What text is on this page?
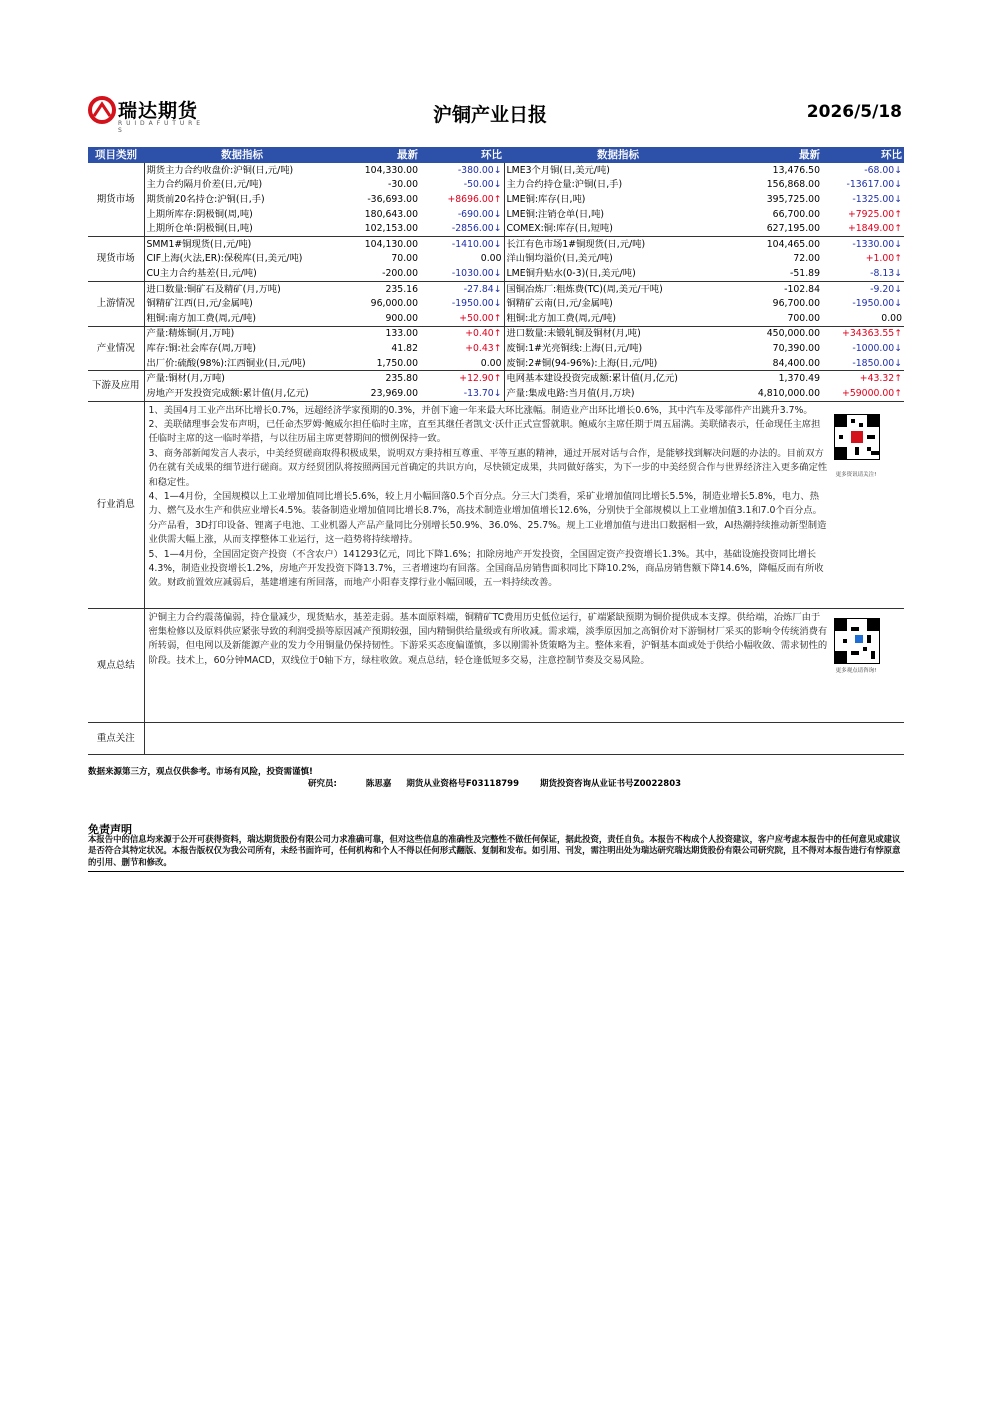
瑞达期货
R U I D A F U T U R E S
沪铜产业日报	2026/5/18
项目类别	数据指标	最新	环比	数据指标	最新	环比
期货市场	期货主力合约收盘价:沪铜(日,元/吨)	104,330.00	-380.00↓	LME3个月铜(日,美元/吨)	13,476.50	-68.00↓
	主力合约隔月价差(日,元/吨)	-30.00	-50.00↓	主力合约持仓量:沪铜(日,手)	156,868.00	-13617.00↓
	期货前20名持仓:沪铜(日,手)	-36,693.00	+8696.00↑	LME铜:库存(日,吨)	395,725.00	-1325.00↓
	上期所库存:阴极铜(周,吨)	180,643.00	-690.00↓	LME铜:注销仓单(日,吨)	66,700.00	+7925.00↑
	上期所仓单:阴极铜(日,吨)	102,153.00	-2856.00↓	COMEX:铜:库存(日,短吨)	627,195.00	+1849.00↑
现货市场	SMM1#铜现货(日,元/吨)	104,130.00	-1410.00↓	长江有色市场1#铜现货(日,元/吨)	104,465.00	-1330.00↓
	CIF上海(火法,ER):保税库(日,美元/吨)	70.00	0.00	洋山铜均溢价(日,美元/吨)	72.00	+1.00↑
	CU主力合约基差(日,元/吨)	-200.00	-1030.00↓	LME铜升贴水(0-3)(日,美元/吨)	-51.89	-8.13↓
上游情况	进口数量:铜矿石及精矿(月,万吨)	235.16	-27.84↓	国铜冶炼厂:粗炼费(TC)(周,美元/干吨)	-102.84	-9.20↓
	铜精矿江西(日,元/金属吨)	96,000.00	-1950.00↓	铜精矿云南(日,元/金属吨)	96,700.00	-1950.00↓
	粗铜:南方加工费(周,元/吨)	900.00	+50.00↑	粗铜:北方加工费(周,元/吨)	700.00	0.00
产业情况	产量:精炼铜(月,万吨)	133.00	+0.40↑	进口数量:未锻轧铜及铜材(月,吨)	450,000.00	+34363.55↑
	库存:铜:社会库存(周,万吨)	41.82	+0.43↑	废铜:1#光亮铜线:上海(日,元/吨)	70,390.00	-1000.00↓
	出厂价:硫酸(98%):江西铜业(日,元/吨)	1,750.00	0.00	废铜:2#铜(94-96%):上海(日,元/吨)	84,400.00	-1850.00↓
下游及应用	产量:铜材(月,万吨)	235.80	+12.90↑	电网基本建设投资完成额:累计值(月,亿元)	1,370.49	+43.32↑
	房地产开发投资完成额:累计值(月,亿元)	23,969.00	-13.70↓	产量:集成电路:当月值(月,万块)	4,810,000.00	+59000.00↑
行业消息	1、美国4月工业产出环比增长0.7%，远超经济学家预期的0.3%，并创下逾一年来最大环比涨幅。制造业产出环比增长0.6%，其中汽车及零部件产出跳升3.7%。
2、美联储理事会发布声明，已任命杰罗姆·鲍威尔担任临时主席，直至其继任者凯文·沃什正式宣誓就职。鲍威尔主席任期于周五届满。美联储表示，任命现任主席担任临时主席的这一临时举措，与以往历届主席更替期间的惯例保持一致。
3、商务部新闻发言人表示，中美经贸磋商取得积极成果，说明双方秉持相互尊重、平等互惠的精神，通过开展对话与合作，是能够找到解决问题的办法的。目前双方仍在就有关成果的细节进行磋商。双方经贸团队将按照两国元首确定的共识方向，尽快锁定成果，共同做好落实，为下一步的中美经贸合作与世界经济注入更多确定性和稳定性。
4、1—4月份，全国规模以上工业增加值同比增长5.6%，较上月小幅回落0.5个百分点。分三大门类看，采矿业增加值同比增长5.5%，制造业增长5.8%，电力、热力、燃气及水生产和供应业增长4.5%。装备制造业增加值同比增长8.7%，高技术制造业增加值增长12.6%，分别快于全部规模以上工业增加值3.1和7.0个百分点。分产品看，3D打印设备、锂离子电池、工业机器人产品产量同比分别增长50.9%、36.0%、25.7%。规上工业增加值与进出口数据相一致，AI热潮持续推动新型制造业供需大幅上涨，从而支撑整体工业运行，这一趋势将持续增持。
5、1—4月份，全国固定资产投资（不含农户）141293亿元，同比下降1.6%；扣除房地产开发投资，全国固定资产投资增长1.3%。其中，基础设施投资同比增长4.3%，制造业投资增长1.2%，房地产开发投资下降13.7%，三者增速均有回落。全国商品房销售面积同比下降10.2%，商品房销售额下降14.6%，降幅反而有所收敛。财政前置效应减弱后，基建增速有所回落，而地产小阳春支撑行业小幅回暖，五一料持续改善。					

观点总结	沪铜主力合约震荡偏弱，持仓量减少，现货贴水，基差走弱。基本面原料端，铜精矿TC费用历史低位运行，矿端紧缺预期为铜价提供成本支撑。供给端，冶炼厂由于密集检修以及原料供应紧张导致的利润受损等原因减产预期较强，国内精铜供给量级或有所收减。需求端，淡季原因加之高铜价对下游铜材厂采买的影响令传统消费有所转弱，但电网以及新能源产业的发力令用铜量仍保持韧性。下游采买态度偏谨慎，多以刚需补货策略为主。整体来看，沪铜基本面或处于供给小幅收敛、需求韧性的阶段。技术上，60分钟MACD，双线位于0轴下方，绿柱收敛。观点总结，轻仓逢低短多交易，注意控制节奏及交易风险。					

重点关注						
更多资讯请关注!
更多观点请咨询!
数据来源第三方，观点仅供参考。市场有风险，投资需谨慎!
研究员:	陈思嘉 期货从业资格号F03118799 期货投资咨询从业证书号Z0022803
免责声明
本报告中的信息均来源于公开可获得资料，瑞达期货股份有限公司力求准确可靠，但对这些信息的准确性及完整性不做任何保证，据此投资，责任自负。本报告不构成个人投资建议，客户应考虑本报告中的任何意见或建议是否符合其特定状况。本报告版权仅为我公司所有，未经书面许可，任何机构和个人不得以任何形式翻版、复制和发布。如引用、刊发，需注明出处为瑞达研究瑞达期货股份有限公司研究院，且不得对本报告进行有悖原意的引用、删节和修改。
